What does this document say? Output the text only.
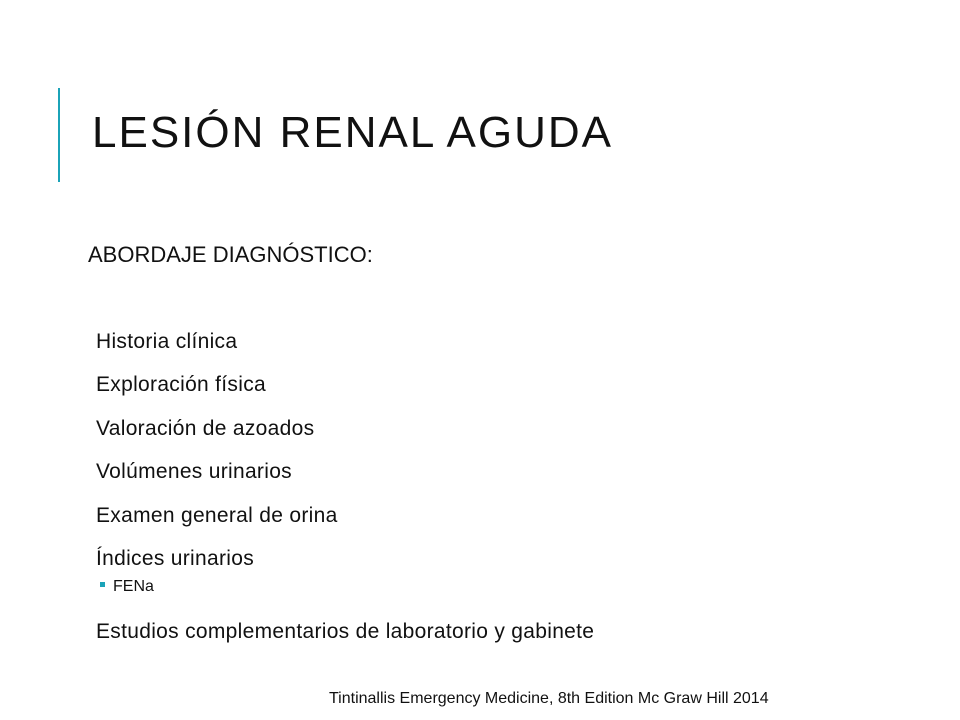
LESIÓN RENAL AGUDA
ABORDAJE DIAGNÓSTICO:
Historia clínica
Exploración física
Valoración de azoados
Volúmenes urinarios
Examen general de orina
Índices urinarios
FENa
Estudios complementarios de laboratorio y gabinete
Tintinallis Emergency Medicine, 8th Edition Mc Graw Hill 2014
